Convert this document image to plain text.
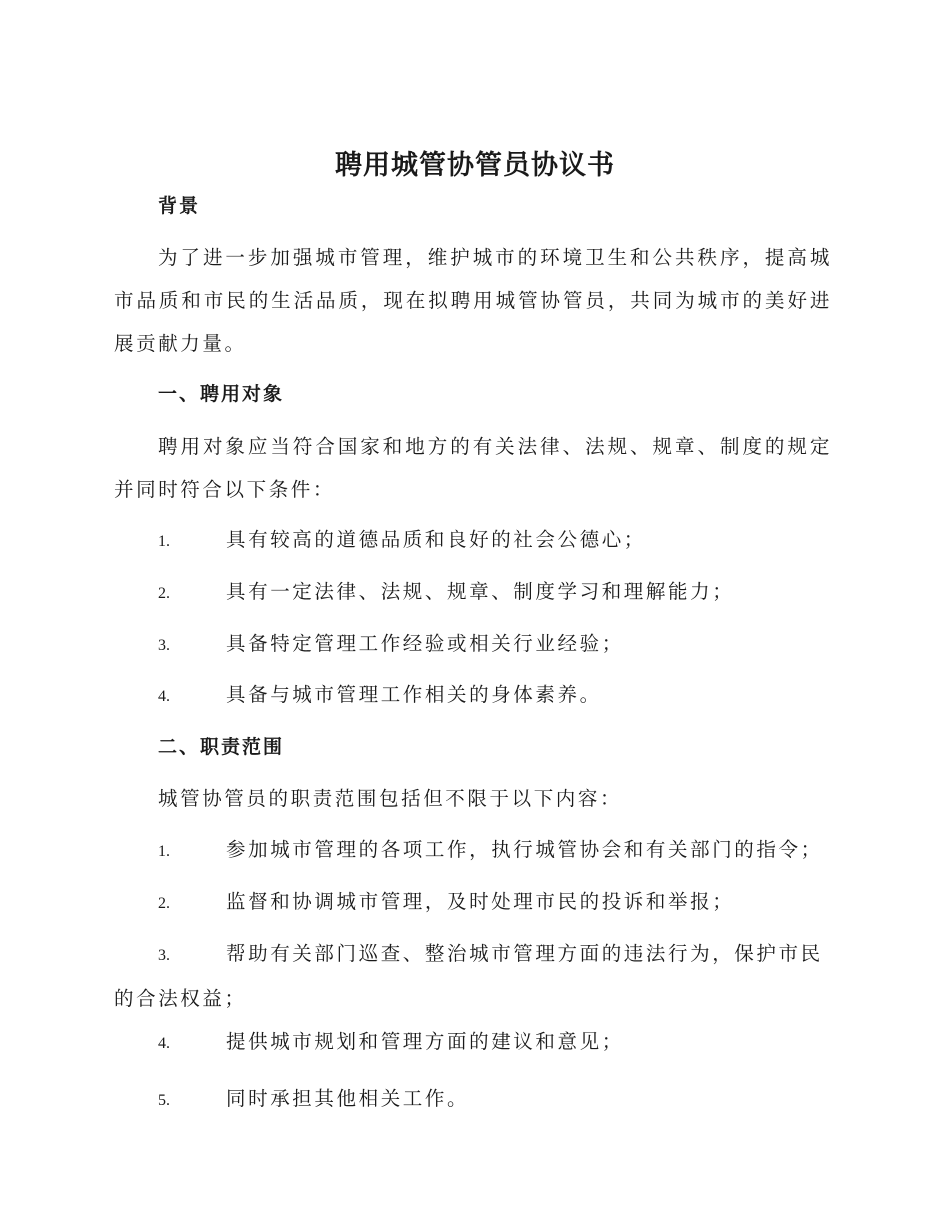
聘用城管协管员协议书
背景

为了进一步加强城市管理，维护城市的环境卫生和公共秩序，提高城市品质和市民的生活品质，现在拟聘用城管协管员，共同为城市的美好进展贡献力量。

一、聘用对象

聘用对象应当符合国家和地方的有关法律、法规、规章、制度的规定并同时符合以下条件：

1.	具有较高的道德品质和良好的社会公德心；

2.	具有一定法律、法规、规章、制度学习和理解能力；

3.	具备特定管理工作经验或相关行业经验；

4.	具备与城市管理工作相关的身体素养。

二、职责范围

城管协管员的职责范围包括但不限于以下内容：

1.	参加城市管理的各项工作，执行城管协会和有关部门的指令；

2.	监督和协调城市管理，及时处理市民的投诉和举报；

3.	帮助有关部门巡查、整治城市管理方面的违法行为，保护市民的合法权益；

4.	提供城市规划和管理方面的建议和意见；

5.	同时承担其他相关工作。
